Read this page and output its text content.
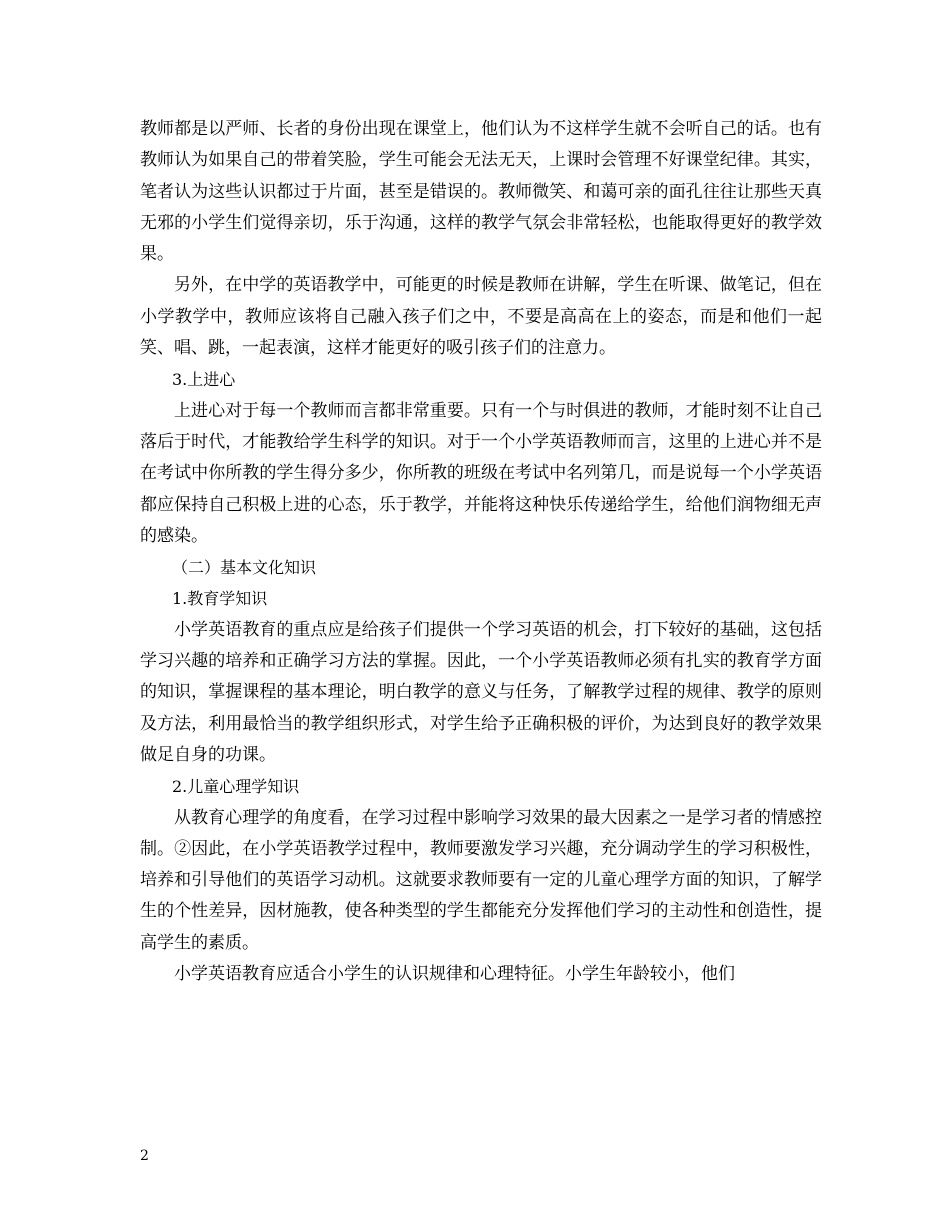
教师都是以严师、长者的身份出现在课堂上，他们认为不这样学生就不会听自己的话。也有教师认为如果自己的带着笑脸，学生可能会无法无天，上课时会管理不好课堂纪律。其实，笔者认为这些认识都过于片面，甚至是错误的。教师微笑、和蔼可亲的面孔往往让那些天真无邪的小学生们觉得亲切，乐于沟通，这样的教学气氛会非常轻松，也能取得更好的教学效果。

另外，在中学的英语教学中，可能更的时候是教师在讲解，学生在听课、做笔记，但在小学教学中，教师应该将自己融入孩子们之中，不要是高高在上的姿态，而是和他们一起笑、唱、跳，一起表演，这样才能更好的吸引孩子们的注意力。

3.上进心

上进心对于每一个教师而言都非常重要。只有一个与时俱进的教师，才能时刻不让自己落后于时代，才能教给学生科学的知识。对于一个小学英语教师而言，这里的上进心并不是在考试中你所教的学生得分多少，你所教的班级在考试中名列第几，而是说每一个小学英语都应保持自己积极上进的心态，乐于教学，并能将这种快乐传递给学生，给他们润物细无声的感染。

（二）基本文化知识

1.教育学知识

小学英语教育的重点应是给孩子们提供一个学习英语的机会，打下较好的基础，这包括学习兴趣的培养和正确学习方法的掌握。因此，一个小学英语教师必须有扎实的教育学方面的知识，掌握课程的基本理论，明白教学的意义与任务，了解教学过程的规律、教学的原则及方法，利用最恰当的教学组织形式，对学生给予正确积极的评价，为达到良好的教学效果做足自身的功课。

2.儿童心理学知识

从教育心理学的角度看，在学习过程中影响学习效果的最大因素之一是学习者的情感控制。②因此，在小学英语教学过程中，教师要激发学习兴趣，充分调动学生的学习积极性，培养和引导他们的英语学习动机。这就要求教师要有一定的儿童心理学方面的知识，了解学生的个性差异，因材施教，使各种类型的学生都能充分发挥他们学习的主动性和创造性，提高学生的素质。

小学英语教育应适合小学生的认识规律和心理特征。小学生年龄较小，他们

2
